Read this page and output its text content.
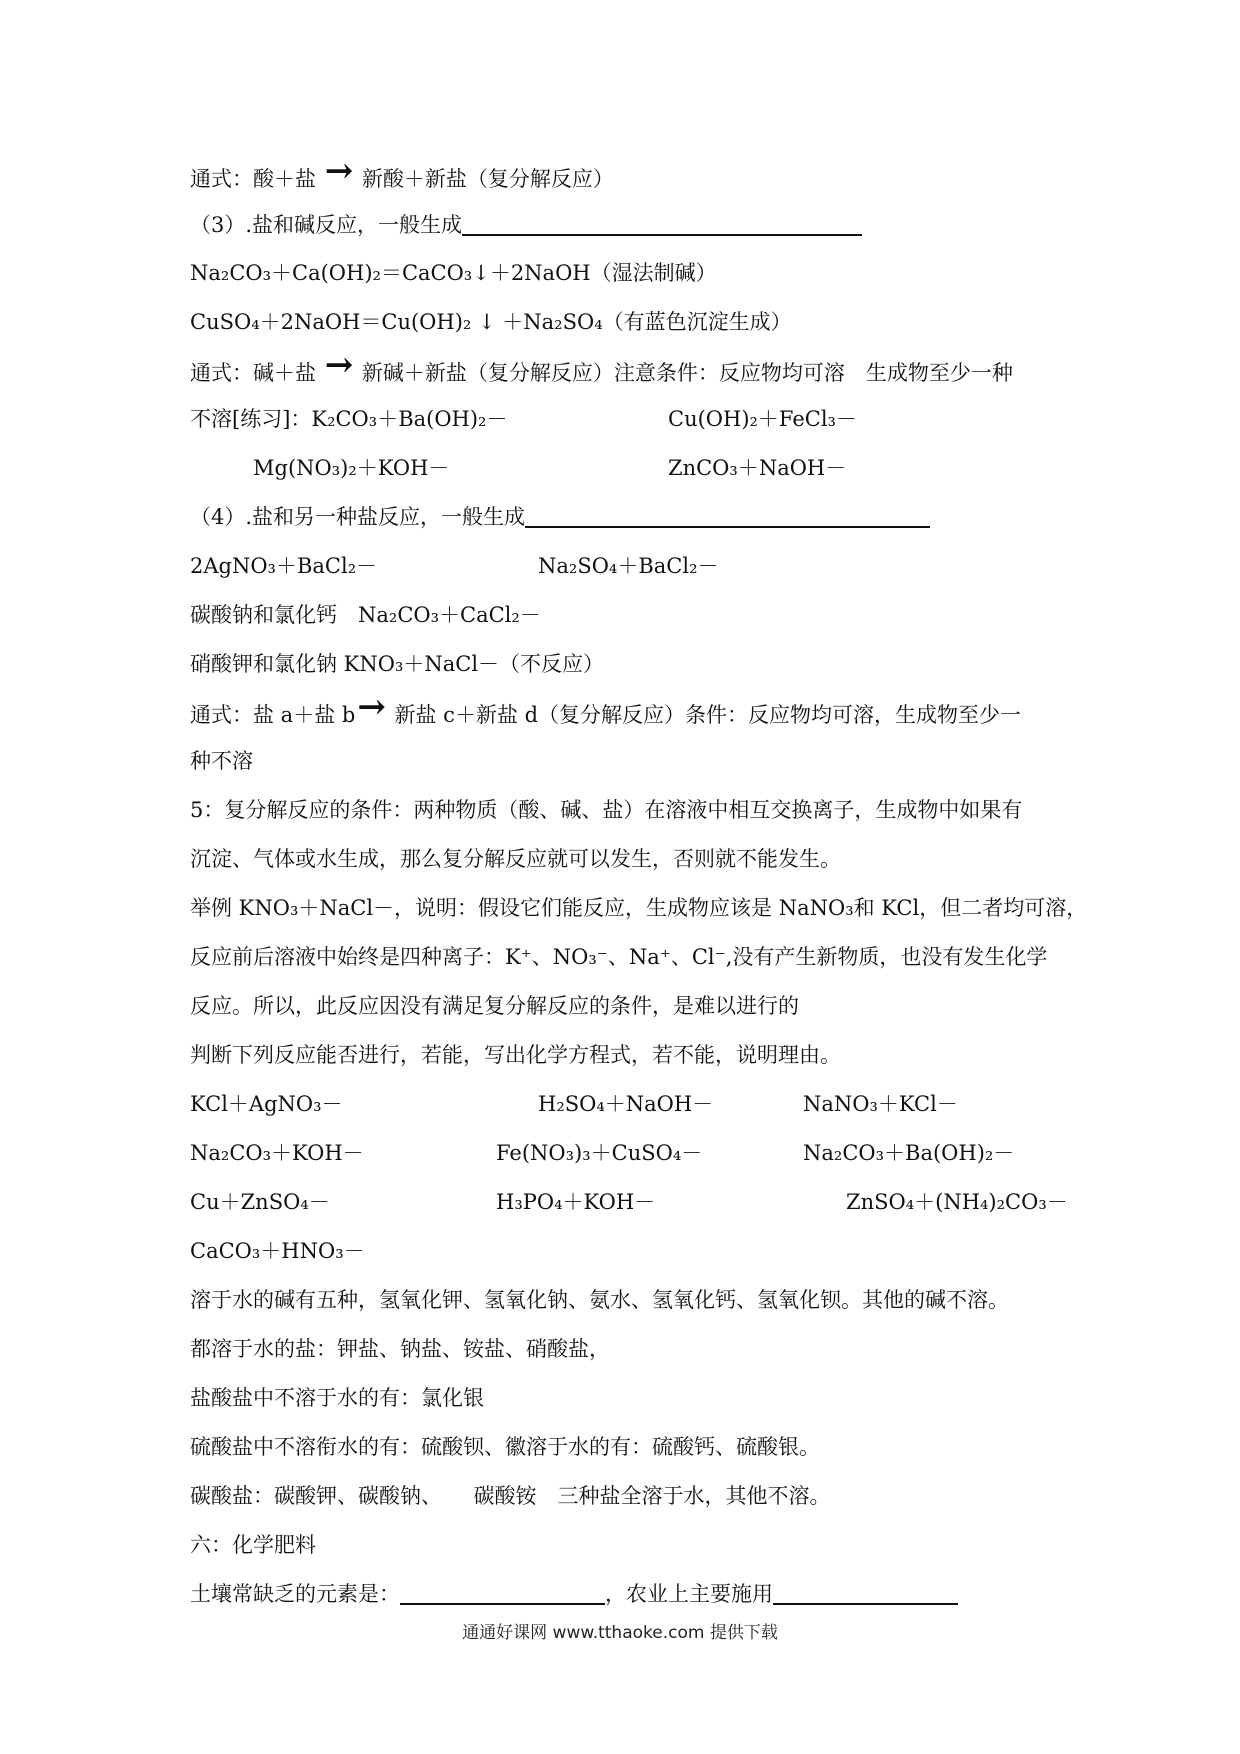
通式：酸＋盐 → 新酸＋新盐（复分解反应）
（3）.盐和碱反应，一般生成
Na₂CO₃＋Ca(OH)₂＝CaCO₃↓＋2NaOH（湿法制碱）
CuSO₄＋2NaOH＝Cu(OH)₂ ↓ ＋Na₂SO₄（有蓝色沉淀生成）
通式：碱＋盐 → 新碱＋新盐（复分解反应）注意条件：反应物均可溶　生成物至少一种
不溶[练习]：K₂CO₃＋Ba(OH)₂－	Cu(OH)₂＋FeCl₃－
Mg(NO₃)₂＋KOH－	ZnCO₃＋NaOH－
（4）.盐和另一种盐反应，一般生成
2AgNO₃＋BaCl₂－	Na₂SO₄＋BaCl₂－
碳酸钠和氯化钙　Na₂CO₃＋CaCl₂－
硝酸钾和氯化钠 KNO₃＋NaCl－（不反应）
通式：盐 a＋盐 b→ 新盐 c＋新盐 d（复分解反应）条件：反应物均可溶，生成物至少一
种不溶
5：复分解反应的条件：两种物质（酸、碱、盐）在溶液中相互交换离子，生成物中如果有
沉淀、气体或水生成，那么复分解反应就可以发生，否则就不能发生。
举例 KNO₃＋NaCl－，说明：假设它们能反应，生成物应该是 NaNO₃和 KCl，但二者均可溶，
反应前后溶液中始终是四种离子：K⁺、NO₃⁻、Na⁺、Cl⁻,没有产生新物质，也没有发生化学
反应。所以，此反应因没有满足复分解反应的条件，是难以进行的
判断下列反应能否进行，若能，写出化学方程式，若不能，说明理由。
KCl＋AgNO₃－	H₂SO₄＋NaOH－	NaNO₃＋KCl－
Na₂CO₃＋KOH－	Fe(NO₃)₃＋CuSO₄－	Na₂CO₃＋Ba(OH)₂－
Cu＋ZnSO₄－	H₃PO₄＋KOH－	ZnSO₄＋(NH₄)₂CO₃－
CaCO₃＋HNO₃－
溶于水的碱有五种，氢氧化钾、氢氧化钠、氨水、氢氧化钙、氢氧化钡。其他的碱不溶。
都溶于水的盐：钾盐、钠盐、铵盐、硝酸盐，
盐酸盐中不溶于水的有：氯化银
硫酸盐中不溶衔水的有：硫酸钡、徽溶于水的有：硫酸钙、硫酸银。
碳酸盐：碳酸钾、碳酸钠、　　碳酸铵　三种盐全溶于水，其他不溶。
六：化学肥料
土壤常缺乏的元素是：	，农业上主要施用
通通好课网 www.tthaoke.com 提供下载
